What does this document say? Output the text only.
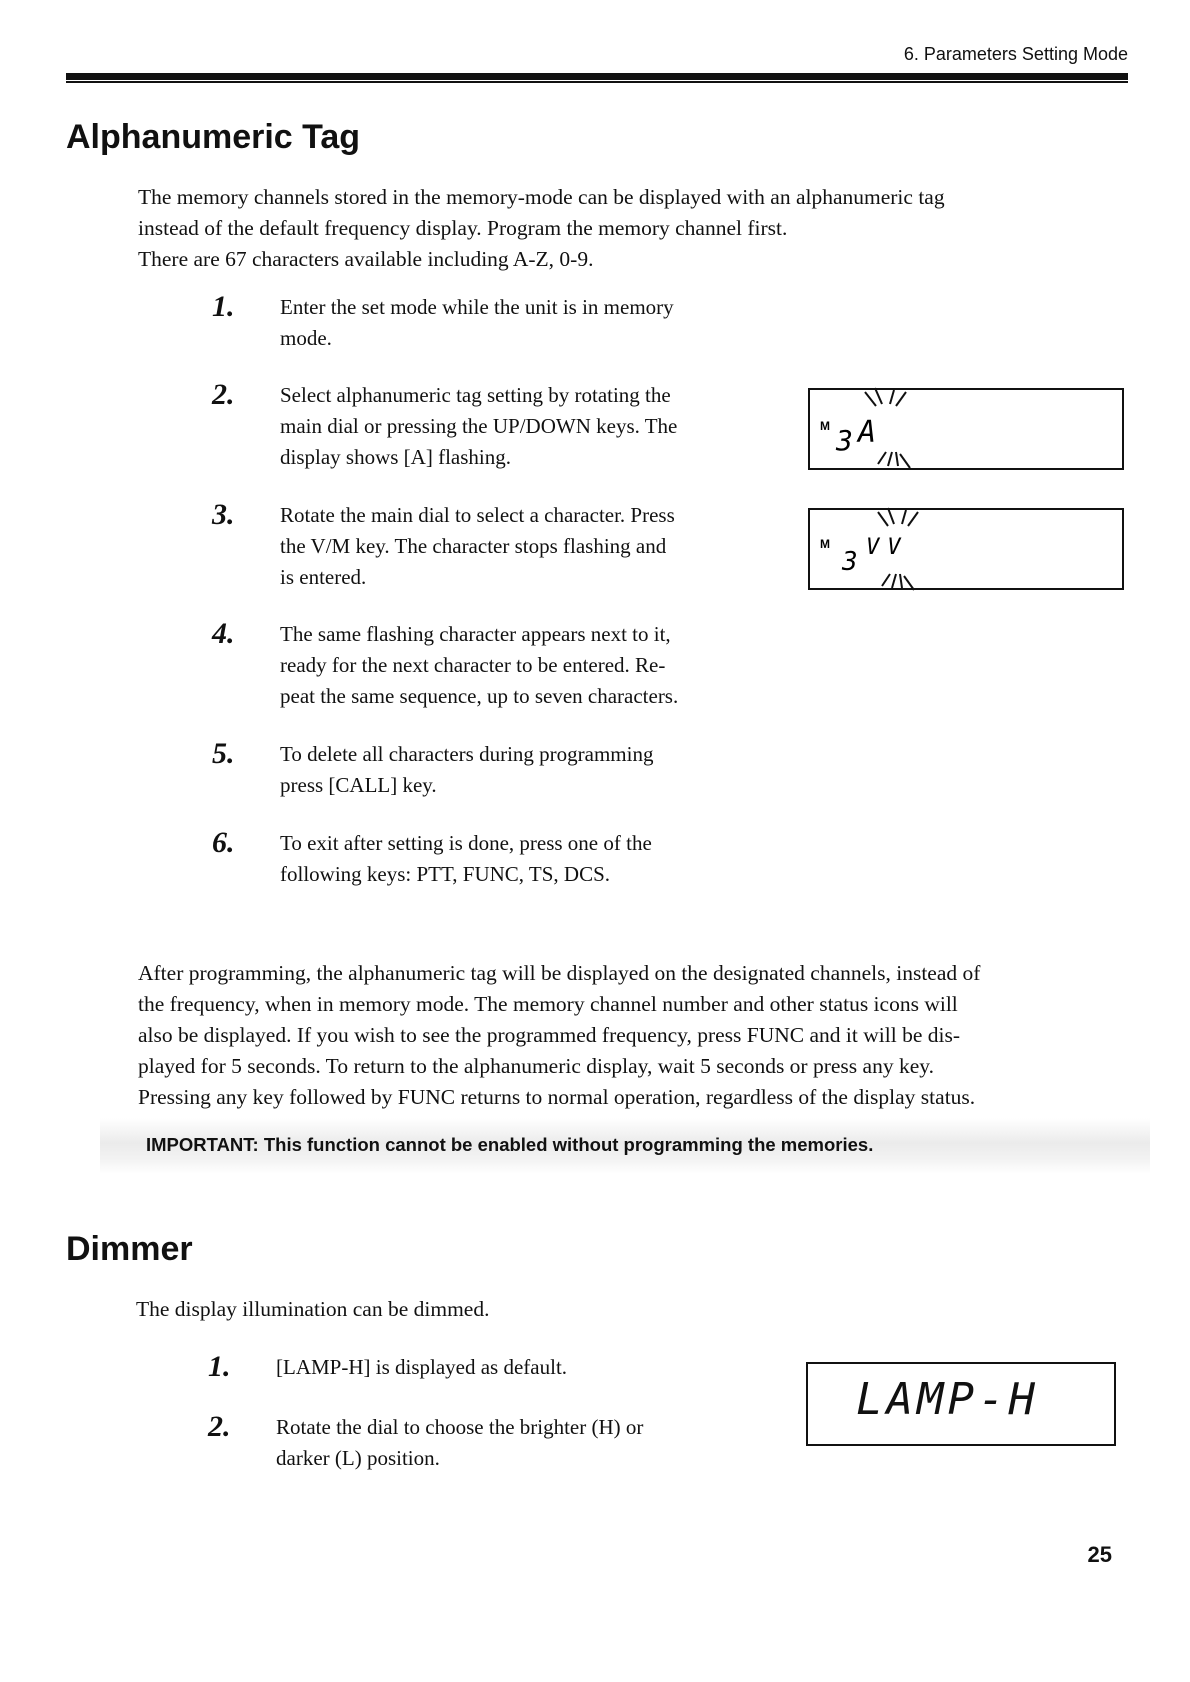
6. Parameters Setting Mode
Alphanumeric Tag

The memory channels stored in the memory-mode can be displayed with an alphanumeric tag

instead of the default frequency display. Program the memory channel first.

There are 67 characters available including A-Z, 0-9.

1. Enter the set mode while the unit is in memory

mode.

2. Select alphanumeric tag setting by rotating the

main dial or pressing the UP/DOWN keys. The

display shows [A] flashing.

3. Rotate the main dial to select a character. Press

the V/M key. The character stops flashing and

is entered.

4. The same flashing character appears next to it,

ready for the next character to be entered. Re-

peat the same sequence, up to seven characters.

5. To delete all characters during programming

press [CALL] key.

6. To exit after setting is done, press one of the

following keys: PTT, FUNC, TS, DCS.

M 3 A
M
3 VV

After programming, the alphanumeric tag will be displayed on the designated channels, instead of

the frequency, when in memory mode. The memory channel number and other status icons will

also be displayed. If you wish to see the programmed frequency, press FUNC and it will be dis-

played for 5 seconds. To return to the alphanumeric display, wait 5 seconds or press any key.

Pressing any key followed by FUNC returns to normal operation, regardless of the display status.

IMPORTANT: This function cannot be enabled without programming the memories.
Dimmer

The display illumination can be dimmed.

1. [LAMP-H] is displayed as default.

2. Rotate the dial to choose the brighter (H) or

darker (L) position.

LAMP-H
25
